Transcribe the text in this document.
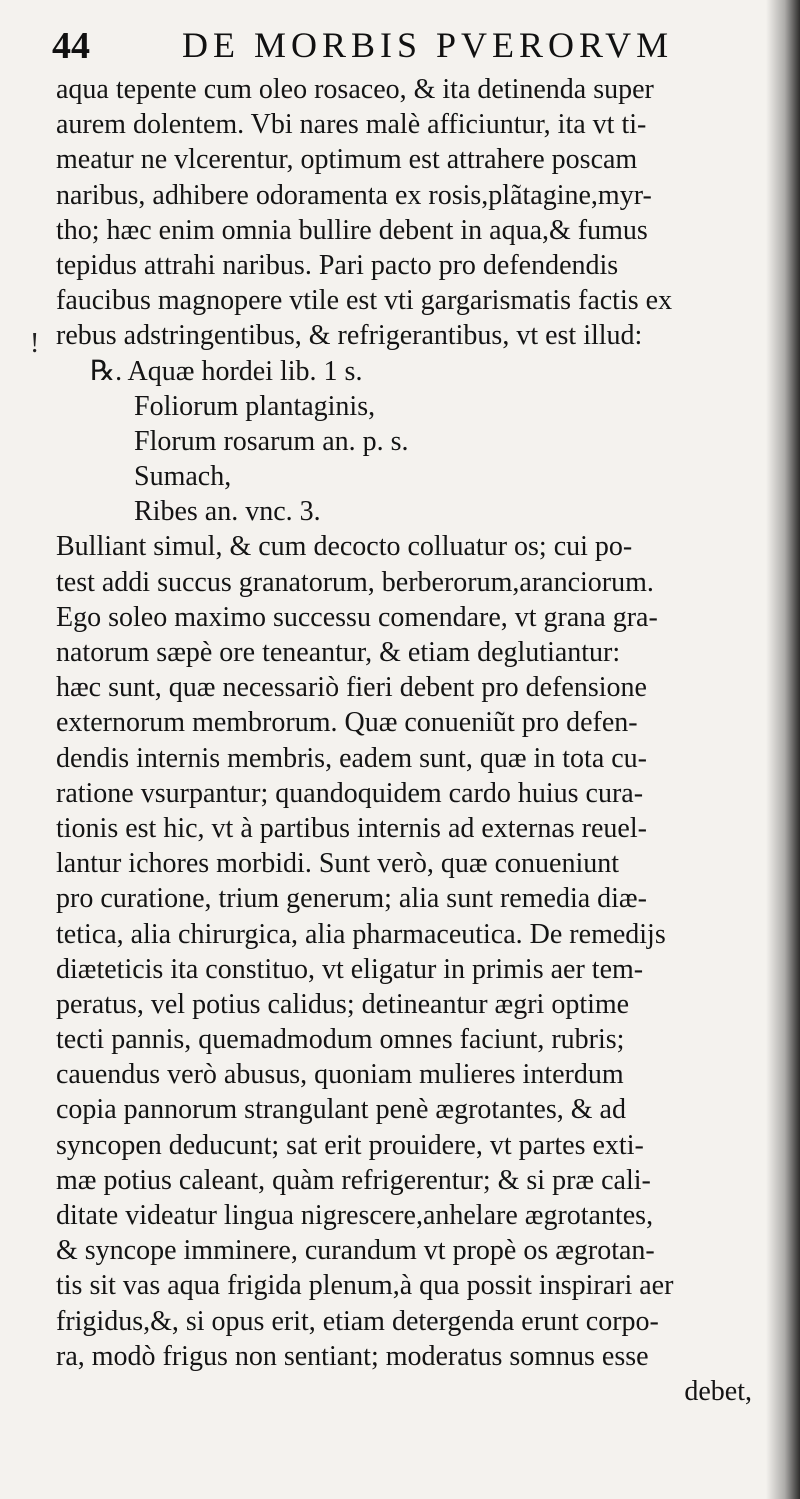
44	DE MORBIS PVERORVM
!
aqua tepente cum oleo rosaceo, & ita detinenda super
aurem dolentem. Vbi nares malè afficiuntur, ita vt ti-
meatur ne vlcerentur, optimum est attrahere poscam
naribus, adhibere odoramenta ex rosis,plãtagine,myr-
tho; hæc enim omnia bullire debent in aqua,& fumus
tepidus attrahi naribus. Pari pacto pro defendendis
faucibus magnopere vtile est vti gargarismatis factis ex
rebus adstringentibus, & refrigerantibus, vt est illud:
℞. Aquæ hordei lib. 1 s.
Foliorum plantaginis,
Florum rosarum an. p. s.
Sumach,
Ribes an. vnc. 3.
Bulliant simul, & cum decocto colluatur os; cui po-
test addi succus granatorum, berberorum,aranciorum.
Ego soleo maximo successu comendare, vt grana gra-
natorum sæpè ore teneantur, & etiam deglutiantur:
hæc sunt, quæ necessariò fieri debent pro defensione
externorum membrorum. Quæ conueniũt pro defen-
dendis internis membris, eadem sunt, quæ in tota cu-
ratione vsurpantur; quandoquidem cardo huius cura-
tionis est hic, vt à partibus internis ad externas reuel-
lantur ichores morbidi. Sunt verò, quæ conueniunt
pro curatione, trium generum; alia sunt remedia diæ-
tetica, alia chirurgica, alia pharmaceutica. De remedijs
diæteticis ita constituo, vt eligatur in primis aer tem-
peratus, vel potius calidus; detineantur ægri optime
tecti pannis, quemadmodum omnes faciunt, rubris;
cauendus verò abusus, quoniam mulieres interdum
copia pannorum strangulant penè ægrotantes, & ad
syncopen deducunt; sat erit prouidere, vt partes exti-
mæ potius caleant, quàm refrigerentur; & si præ cali-
ditate videatur lingua nigrescere,anhelare ægrotantes,
& syncope imminere, curandum vt propè os ægrotan-
tis sit vas aqua frigida plenum,à qua possit inspirari aer
frigidus,&, si opus erit, etiam detergenda erunt corpo-
ra, modò frigus non sentiant; moderatus somnus esse
debet,
